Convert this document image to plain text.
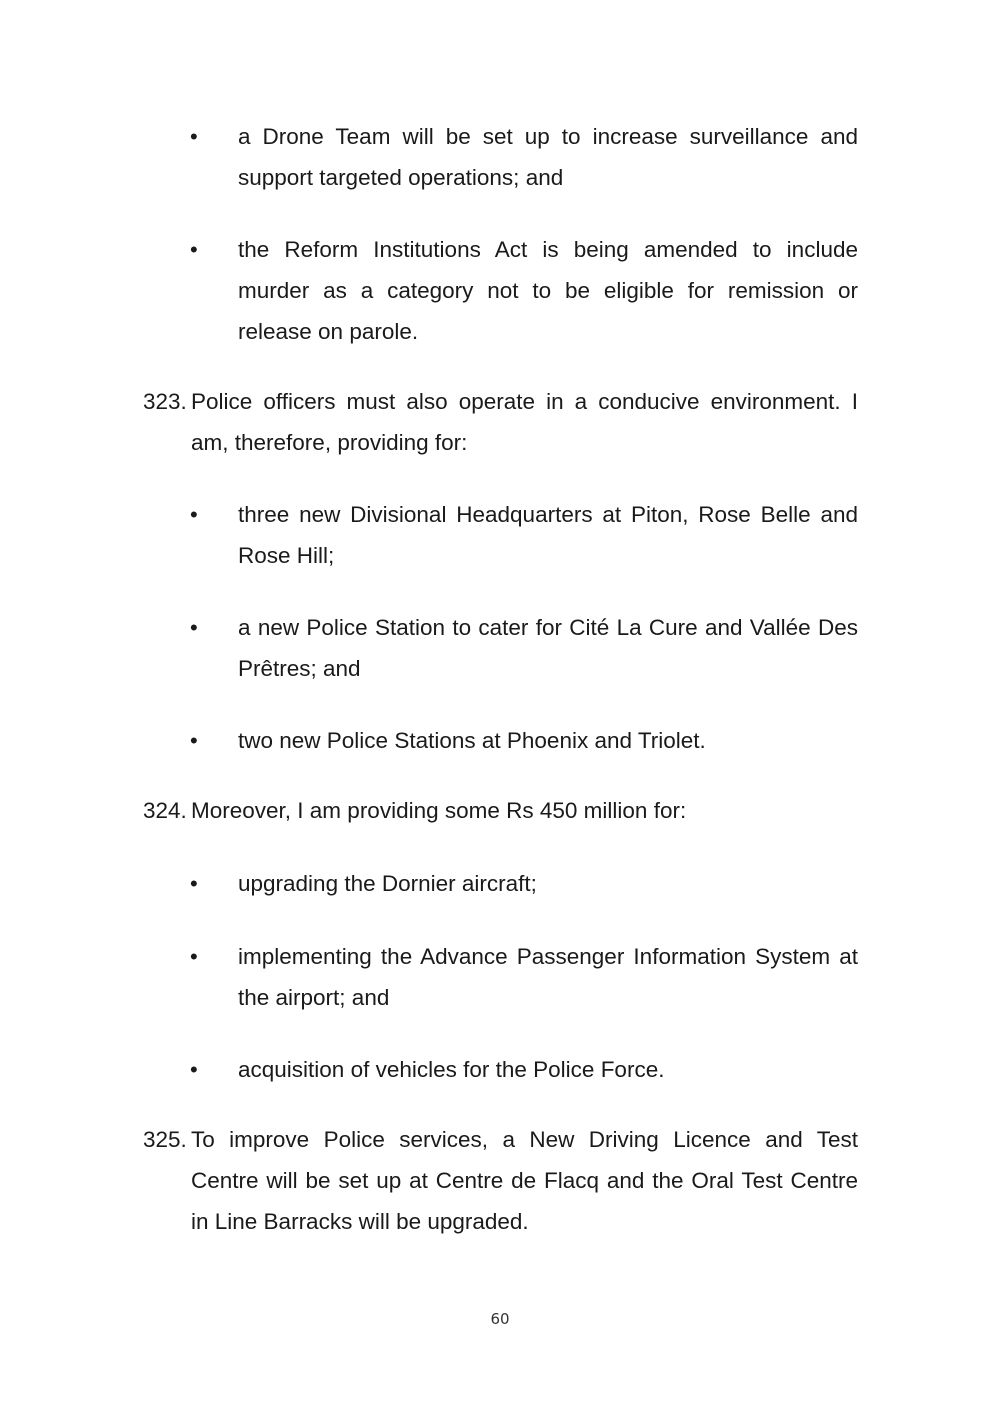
•	a Drone Team will be set up to increase surveillance and support targeted operations; and
•	the Reform Institutions Act is being amended to include murder as a category not to be eligible for remission or release on parole.
323. Police officers must also operate in a conducive environment. I am, therefore, providing for:
•	three new Divisional Headquarters at Piton, Rose Belle and Rose Hill;
•	a new Police Station to cater for Cité La Cure and Vallée Des Prêtres; and
•	two new Police Stations at Phoenix and Triolet.
324. Moreover, I am providing some Rs 450 million for:
•	upgrading the Dornier aircraft;
•	implementing the Advance Passenger Information System at the airport; and
•	acquisition of vehicles for the Police Force.
325. To improve Police services, a New Driving Licence and Test Centre will be set up at Centre de Flacq and the Oral Test Centre in Line Barracks will be upgraded.
60
